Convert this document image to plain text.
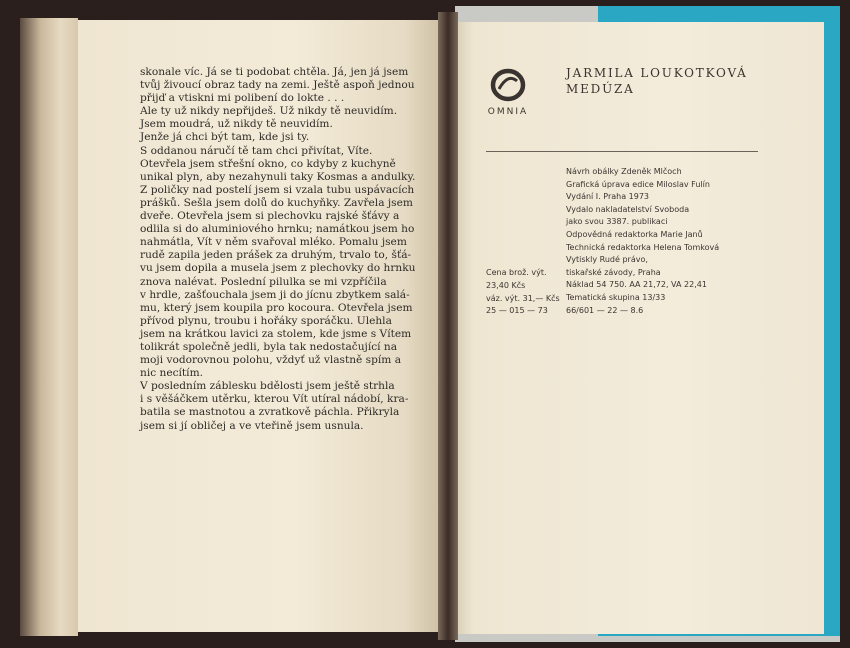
skonale víc. Já se ti podobat chtěla. Já, jen já jsem
tvůj živoucí obraz tady na zemi. Ještě aspoň jednou
přijď a vtiskni mi polibení do lokte . . .
Ale ty už nikdy nepřijdeš. Už nikdy tě neuvidím.
Jsem moudrá, už nikdy tě neuvidím.
Jenže já chci být tam, kde jsi ty.
S oddanou náručí tě tam chci přivítat, Víte.
Otevřela jsem střešní okno, co kdyby z kuchyně
unikal plyn, aby nezahynuli taky Kosmas a andulky.
Z poličky nad postelí jsem si vzala tubu uspávacích
prášků. Sešla jsem dolů do kuchyňky. Zavřela jsem
dveře. Otevřela jsem si plechovku rajské šťávy a
odlila si do aluminiového hrnku; namátkou jsem ho
nahmátla, Vít v něm svařoval mléko. Pomalu jsem
rudě zapila jeden prášek za druhým, trvalo to, šťá-
vu jsem dopila a musela jsem z plechovky do hrnku
znova nalévat. Poslední pilulka se mi vzpříčila
v hrdle, zašťouchala jsem ji do jícnu zbytkem salá-
mu, který jsem koupila pro kocoura. Otevřela jsem
přívod plynu, troubu i hořáky sporáčku. Ulehla
jsem na krátkou lavici za stolem, kde jsme s Vítem
tolikrát společně jedli, byla tak nedostačující na
moji vodorovnou polohu, vždyť už vlastně spím a
nic necítím.
V posledním záblesku bdělosti jsem ještě strhla
i s věšáčkem utěrku, kterou Vít utíral nádobí, kra-
batila se mastnotou a zvratkově páchla. Přikryla
jsem si jí obličej a ve vteřině jsem usnula.
OMNIA
JARMILA LOUKOTKOVÁ
MEDÚZA
Návrh obálky Zdeněk Mlčoch
Grafická úprava edice Miloslav Fulín
Vydání I. Praha 1973
Vydalo nakladatelství Svoboda
jako svou 3387. publikaci
Odpovědná redaktorka Marie Janů
Technická redaktorka Helena Tomková
Vytiskly Rudé právo,
tiskařské závody, Praha
Náklad 54 750. AA 21,72, VA 22,41
Tematická skupina 13/33
66/601 — 22 — 8.6
Cena brož. výt.
23,40 Kčs
váz. výt. 31,— Kčs
25 — 015 — 73
